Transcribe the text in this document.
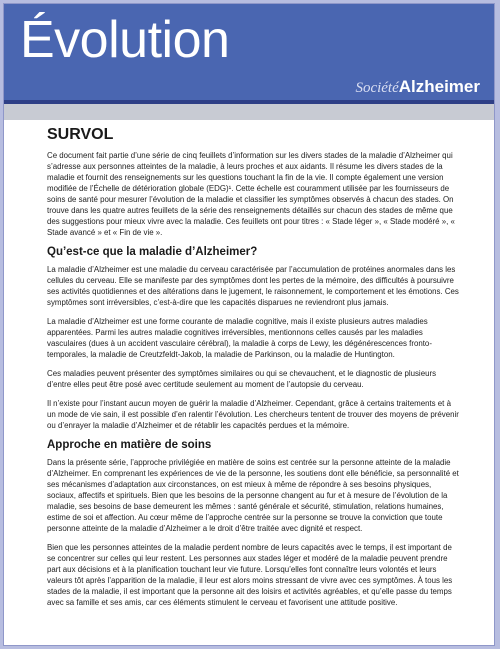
Évolution
SociétéAlzheimer
SURVOL

Ce document fait partie d’une série de cinq feuillets d’information sur les divers stades de la maladie d’Alzheimer qui s’adresse aux personnes atteintes de la maladie, à leurs proches et aux aidants. Il résume les divers stades de la maladie et fournit des renseignements sur les questions touchant la fin de la vie. Il compte également une version modifiée de l’Échelle de détérioration globale (EDG)¹. Cette échelle est couramment utilisée par les fournisseurs de soins de santé pour mesurer l’évolution de la maladie et classifier les symptômes observés à chacun des stades. On trouve dans les quatre autres feuillets de la série des renseignements détaillés sur chacun des stades de même que des suggestions pour mieux vivre avec la maladie. Ces feuillets ont pour titres : « Stade léger », « Stade modéré », « Stade avancé » et « Fin de vie ».

Qu’est-ce que la maladie d’Alzheimer?

La maladie d’Alzheimer est une maladie du cerveau caractérisée par l’accumulation de protéines anormales dans les cellules du cerveau. Elle se manifeste par des symptômes dont les pertes de la mémoire, des difficultés à poursuivre ses activités quotidiennes et des altérations dans le jugement, le raisonnement, le comportement et les émotions. Ces symptômes sont irréversibles, c’est-à-dire que les capacités disparues ne reviendront plus jamais.

La maladie d’Alzheimer est une forme courante de maladie cognitive, mais il existe plusieurs autres maladies apparentées. Parmi les autres maladie cognitives irréversibles, mentionnons celles causés par les maladies vasculaires (dues à un accident vasculaire cérébral), la maladie à corps de Lewy, les dégénérescences fronto-temporales, la maladie de Creutzfeldt-Jakob, la maladie de Parkinson, ou la maladie de Huntington.

Ces maladies peuvent présenter des symptômes similaires ou qui se chevauchent, et le diagnostic de plusieurs d’entre elles peut être posé avec certitude seulement au moment de l’autopsie du cerveau.

Il n’existe pour l’instant aucun moyen de guérir la maladie d’Alzheimer. Cependant, grâce à certains traitements et à un mode de vie sain, il est possible d’en ralentir l’évolution. Les chercheurs tentent de trouver des moyens de prévenir ou d’enrayer la maladie d’Alzheimer et de rétablir les capacités perdues et la mémoire.

Approche en matière de soins

Dans la présente série, l’approche privilégiée en matière de soins est centrée sur la personne atteinte de la maladie d’Alzheimer. En comprenant les expériences de vie de la personne, les soutiens dont elle bénéficie, sa personnalité et ses mécanismes d’adaptation aux circonstances, on est mieux à même de répondre à ses besoins physiques, sociaux, affectifs et spirituels. Bien que les besoins de la personne changent au fur et à mesure de l’évolution de la maladie, ses besoins de base demeurent les mêmes : santé générale et sécurité, stimulation, relations humaines, estime de soi et affection. Au cœur même de l’approche centrée sur la personne se trouve la conviction que toute personne atteinte de la maladie d’Alzheimer a le droit d’être traitée avec dignité et respect.

Bien que les personnes atteintes de la maladie perdent nombre de leurs capacités avec le temps, il est important de se concentrer sur celles qui leur restent. Les personnes aux stades léger et modéré de la maladie peuvent prendre part aux décisions et à la planification touchant leur vie future. Lorsqu’elles font connaître leurs volontés et leurs valeurs tôt après l’apparition de la maladie, il leur est alors moins stressant de vivre avec ces symptômes. À tous les stades de la maladie, il est important que la personne ait des loisirs et activités agréables, et qu’elle passe du temps avec sa famille et ses amis, car ces éléments stimulent le cerveau et favorisent une attitude positive.
